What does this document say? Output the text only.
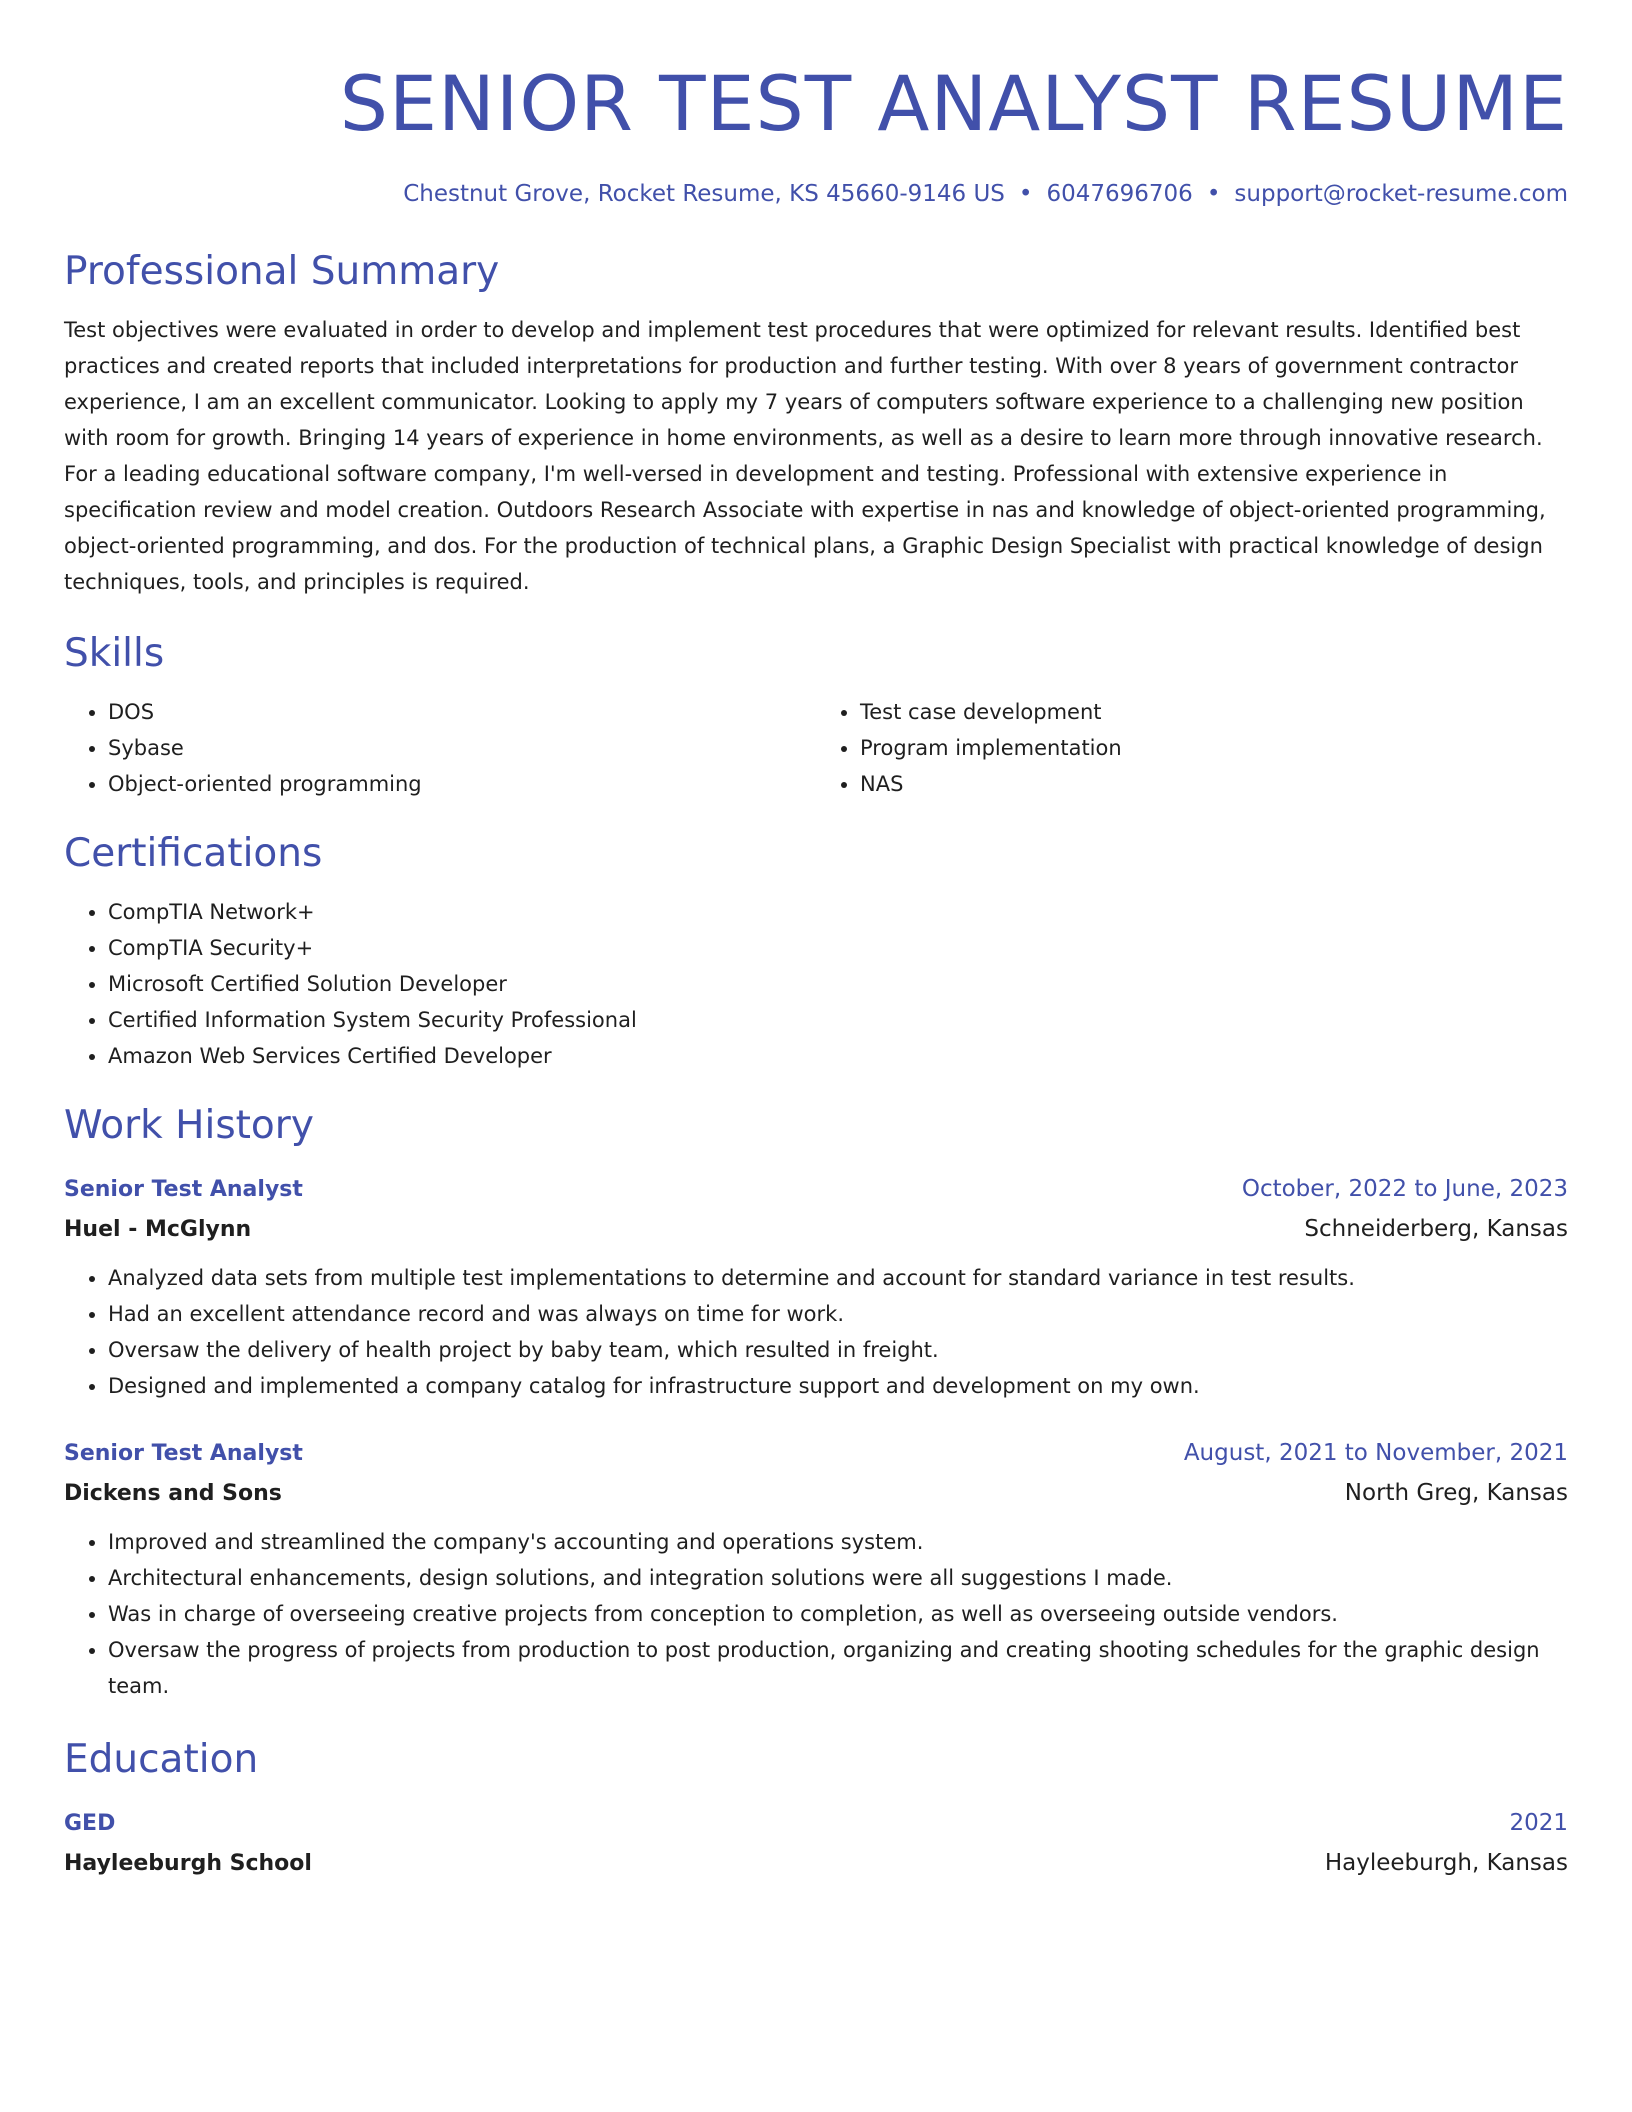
SENIOR TEST ANALYST RESUME
Chestnut Grove, Rocket Resume, KS 45660-9146 US • 6047696706 • support@rocket-resume.com
Professional Summary

Test objectives were evaluated in order to develop and implement test procedures that were optimized for relevant results. Identified best practices and created reports that included interpretations for production and further testing. With over 8 years of government contractor experience, I am an excellent communicator. Looking to apply my 7 years of computers software experience to a challenging new position with room for growth. Bringing 14 years of experience in home environments, as well as a desire to learn more through innovative research. For a leading educational software company, I'm well-versed in development and testing. Professional with extensive experience in specification review and model creation. Outdoors Research Associate with expertise in nas and knowledge of object-oriented programming, object-oriented programming, and dos. For the production of technical plans, a Graphic Design Specialist with practical knowledge of design techniques, tools, and principles is required.

Skills
• DOS
• Sybase
• Object-oriented programming
• Test case development
• Program implementation
• NAS
Certifications
• CompTIA Network+
• CompTIA Security+
• Microsoft Certified Solution Developer
• Certified Information System Security Professional
• Amazon Web Services Certified Developer
Work History
Senior Test Analyst	October, 2022 to June, 2023
Huel - McGlynn	Schneiderberg, Kansas
• Analyzed data sets from multiple test implementations to determine and account for standard variance in test results.
• Had an excellent attendance record and was always on time for work.
• Oversaw the delivery of health project by baby team, which resulted in freight.
• Designed and implemented a company catalog for infrastructure support and development on my own.
Senior Test Analyst	August, 2021 to November, 2021
Dickens and Sons	North Greg, Kansas
• Improved and streamlined the company's accounting and operations system.
• Architectural enhancements, design solutions, and integration solutions were all suggestions I made.
• Was in charge of overseeing creative projects from conception to completion, as well as overseeing outside vendors.
• Oversaw the progress of projects from production to post production, organizing and creating shooting schedules for the graphic design team.
Education
GED	2021
Hayleeburgh School	Hayleeburgh, Kansas
